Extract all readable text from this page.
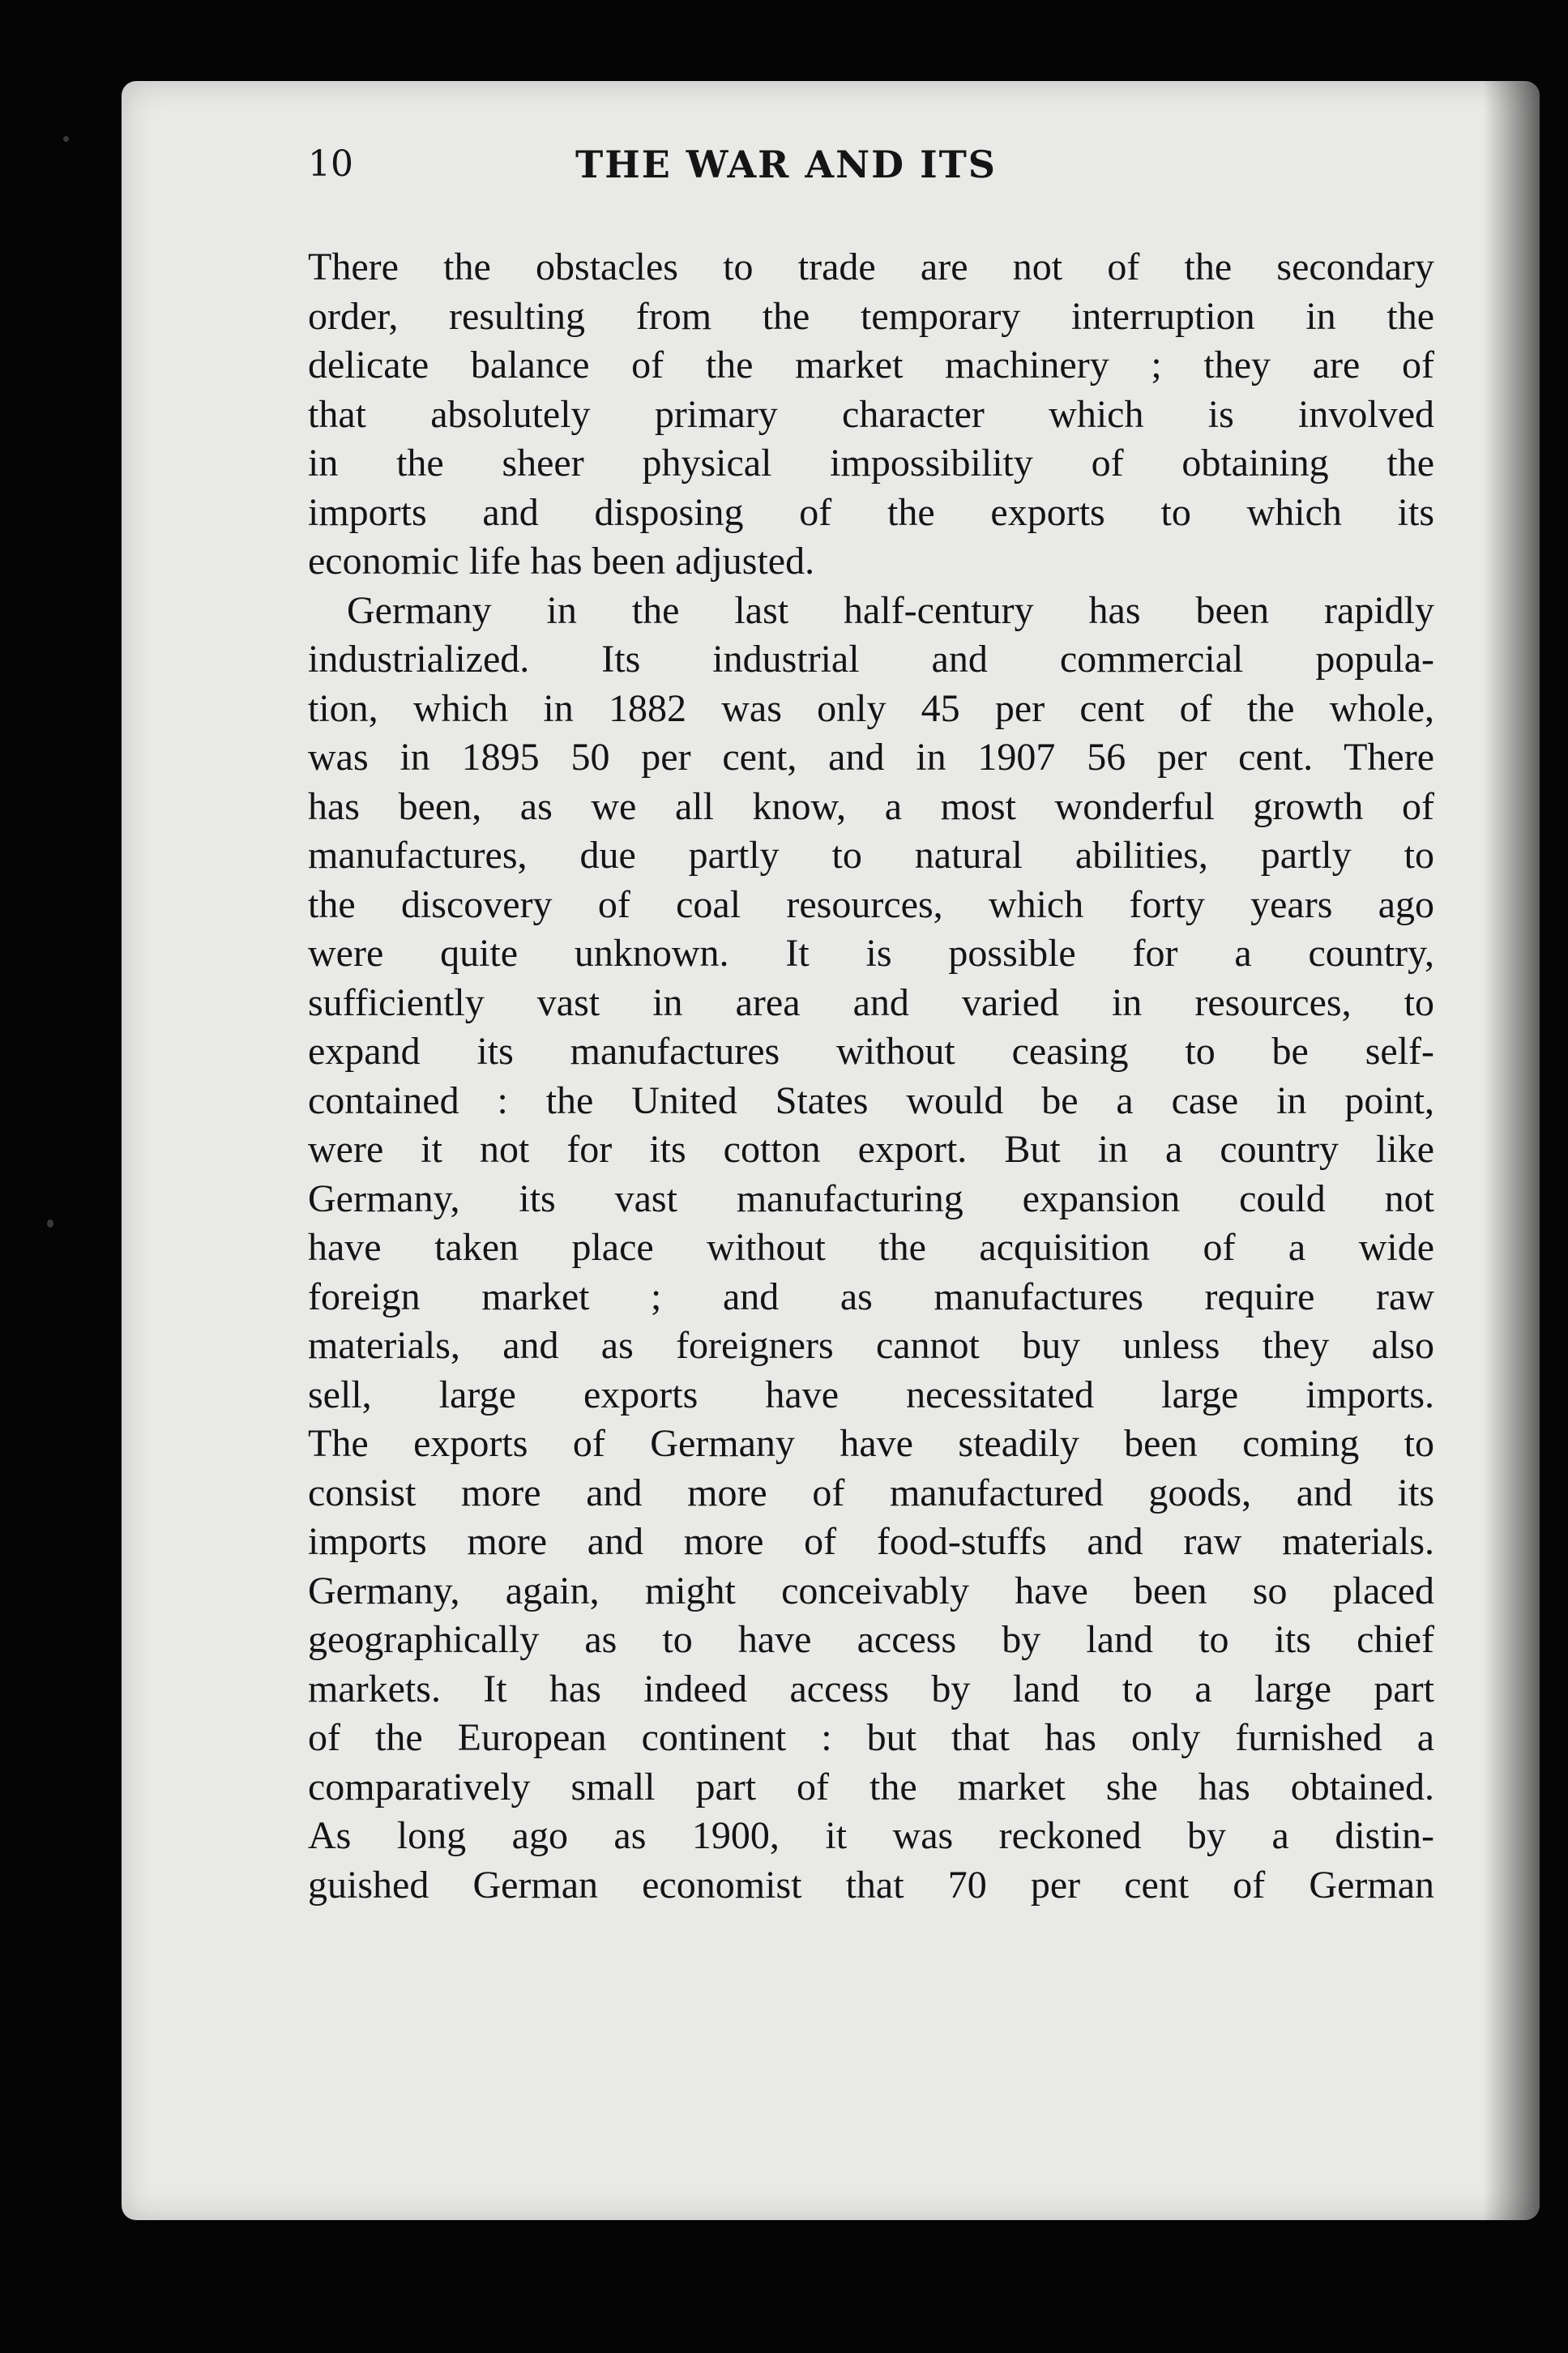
10	THE WAR AND ITS
There the obstacles to trade are not of the secondary
order, resulting from the temporary interruption in the
delicate balance of the market machinery ; they are of
that absolutely primary character which is involved
in the sheer physical impossibility of obtaining the
imports and disposing of the exports to which its
economic life has been adjusted.
Germany in the last half-century has been rapidly
industrialized. Its industrial and commercial popula-
tion, which in 1882 was only 45 per cent of the whole,
was in 1895 50 per cent, and in 1907 56 per cent. There
has been, as we all know, a most wonderful growth of
manufactures, due partly to natural abilities, partly to
the discovery of coal resources, which forty years ago
were quite unknown. It is possible for a country,
sufficiently vast in area and varied in resources, to
expand its manufactures without ceasing to be self-
contained : the United States would be a case in point,
were it not for its cotton export. But in a country like
Germany, its vast manufacturing expansion could not
have taken place without the acquisition of a wide
foreign market ; and as manufactures require raw
materials, and as foreigners cannot buy unless they also
sell, large exports have necessitated large imports.
The exports of Germany have steadily been coming to
consist more and more of manufactured goods, and its
imports more and more of food-stuffs and raw materials.
Germany, again, might conceivably have been so placed
geographically as to have access by land to its chief
markets. It has indeed access by land to a large part
of the European continent : but that has only furnished a
comparatively small part of the market she has obtained.
As long ago as 1900, it was reckoned by a distin-
guished German economist that 70 per cent of German
